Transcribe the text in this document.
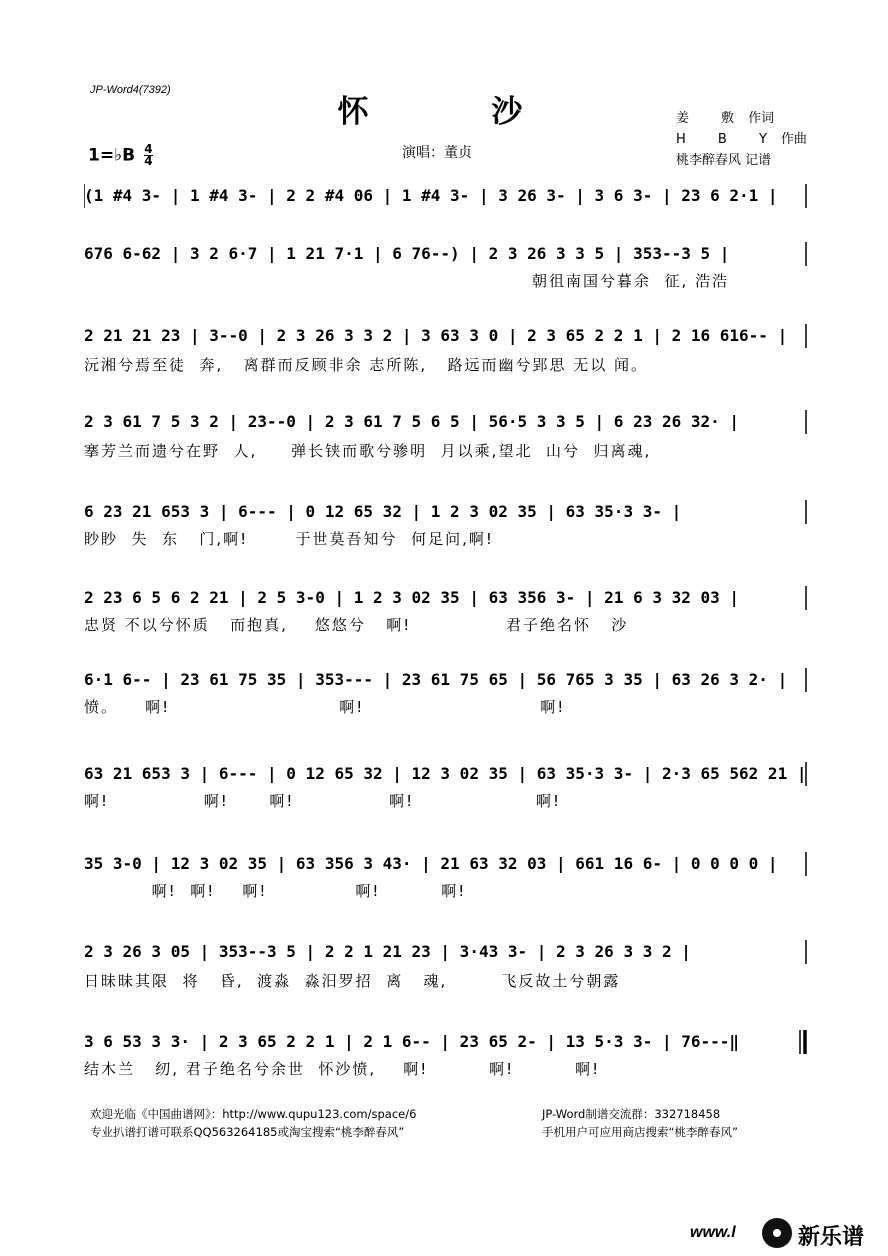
JP-Word4(7392)
怀 沙
1=♭B $\frac{4}{4}$	演唱：董贞
姜 敷作词
H B Y作曲
桃李醉春风 记谱
(1 #4 3- | 1 #4 3- | 2 2 #4 06 | 1 #4 3- | 3 26 3- | 3 6 3- | 23 6 2·1 |
676 6-62 | 3 2 6·7 | 1 21 7·1 | 6 76--) | 2 3 26 3 3 5 | 353--3 5 |
朝徂南国兮暮余  征, 浩浩
2 21 21 23 | 3--0 | 2 3 26 3 3 2 | 3 63 3 0 | 2 3 65 2 2 1 | 2 16 616-- |
沅湘兮焉至徒  奔,   离群而反顾非余 志所陈,   路远而幽兮郢思 无以 闻。
2 3 61 7 5 3 2 | 23--0 | 2 3 61 7 5 6 5 | 56·5 3 3 5 | 6 23 26 32· |
搴芳兰而遗兮在野  人,     弹长铗而歌兮骖明  月以乘,望北  山兮  归离魂,
6 23 21 653 3 | 6--- | 0 12 65 32 | 1 2 3 02 35 | 63 35·3 3- |
眇眇  失  东   门,啊!       于世莫吾知兮  何足问,啊!
2 23 6 5 6 2 21 | 2 5 3-0 | 1 2 3 02 35 | 63 356 3- | 21 6 3 32 03 |
忠贤 不以兮怀质   而抱真,    悠悠兮   啊!              君子绝名怀   沙
6·1 6-- | 23 61 75 35 | 353--- | 23 61 75 65 | 56 765 3 35 | 63 26 3 2· |
愤。    啊!                         啊!                          啊!
63 21 653 3 | 6--- | 0 12 65 32 | 12 3 02 35 | 63 35·3 3- | 2·3 65 562 21 |
啊!              啊!      啊!              啊!                  啊!
35 3-0 | 12 3 02 35 | 63 356 3 43· | 21 63 32 03 | 661 16 6- | 0 0 0 0 |
啊!  啊!    啊!             啊!         啊!
2 3 26 3 05 | 353--3 5 | 2 2 1 21 23 | 3·43 3- | 2 3 26 3 3 2 |
日昧昧其限  将   昏,  渡淼  淼汨罗招  离   魂,        飞反故土兮朝露
3 6 53 3 3· | 2 3 65 2 2 1 | 2 1 6-- | 23 65 2- | 13 5·3 3- | 76---‖
结木兰   纫, 君子绝名兮余世  怀沙愤,    啊!         啊!         啊!
欢迎光临《中国曲谱网》：http://www.qupu123.com/space/6
专业扒谱打谱可联系QQ563264185或淘宝搜索“桃李醉春风”
JP-Word制谱交流群：332718458
手机用户可应用商店搜索“桃李醉春风”
www.l	新乐谱
